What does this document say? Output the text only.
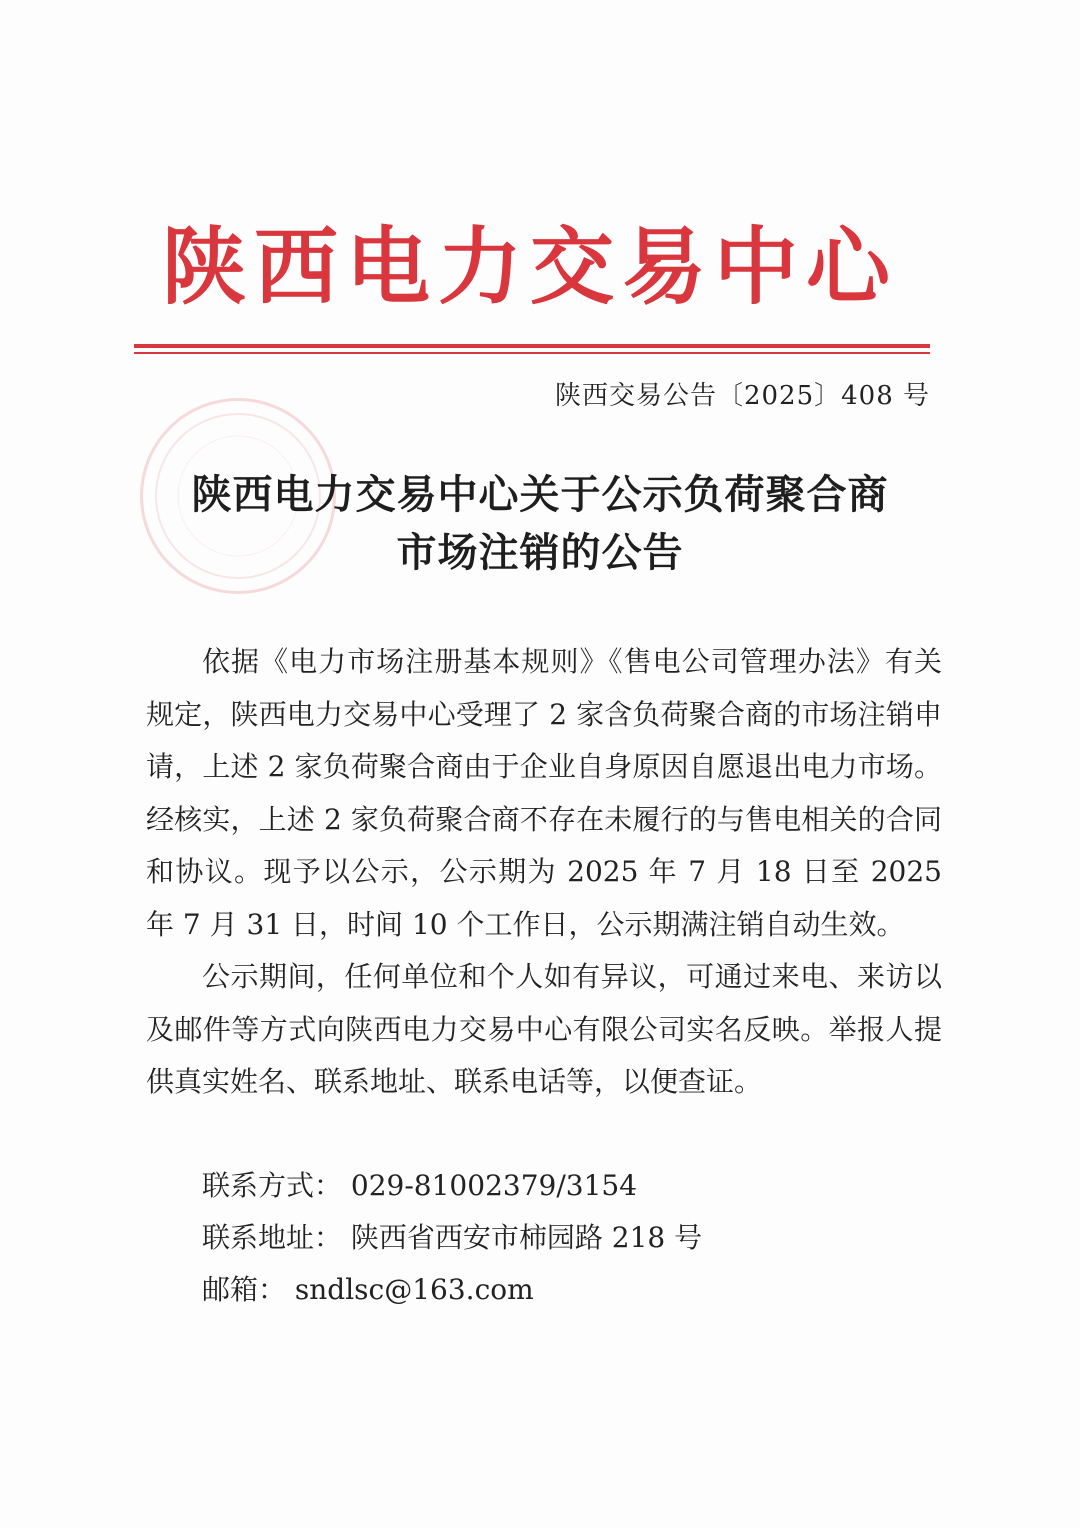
陕西电力交易中心
陕西交易公告〔2025〕408 号
陕西电力交易中心关于公示负荷聚合商
市场注销的公告

依据《电力市场注册基本规则》《售电公司管理办法》有关规定，陕西电力交易中心受理了 2 家含负荷聚合商的市场注销申请，上述 2 家负荷聚合商由于企业自身原因自愿退出电力市场。经核实，上述 2 家负荷聚合商不存在未履行的与售电相关的合同和协议。现予以公示，公示期为 2025 年 7 月 18 日至 2025 年 7 月 31 日，时间 10 个工作日，公示期满注销自动生效。

公示期间，任何单位和个人如有异议，可通过来电、来访以及邮件等方式向陕西电力交易中心有限公司实名反映。举报人提供真实姓名、联系地址、联系电话等，以便查证。

联系方式： 029-81002379/3154
联系地址： 陕西省西安市柿园路 218 号
邮箱： sndlsc@163.com
